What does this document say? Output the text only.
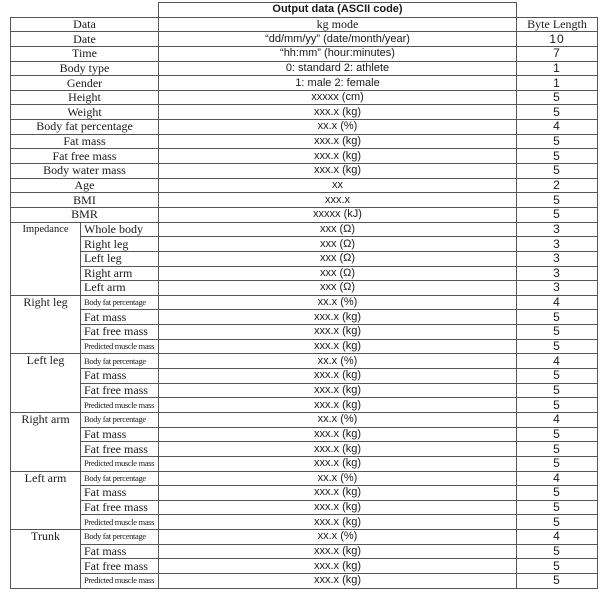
		Output data (ASCII code)	
Data		kg mode	Byte Length
Date		“dd/mm/yy” (date/month/year)	10
Time		“hh:mm” (hour:minutes)	7
Body type		0: standard 2: athlete	1
Gender		1: male 2: female	1
Height		xxxxx (cm)	5
Weight		xxx.x (kg)	5
Body fat percentage		xx.x (%)	4
Fat mass		xxx.x (kg)	5
Fat free mass		xxx.x (kg)	5
Body water mass		xxx.x (kg)	5
Age		xx	2
BMI		xxx.x	5
BMR		xxxxx (kJ)	5
Impedance	Whole body	xxx (Ω)	3
	Right leg	xxx (Ω)	3
	Left leg	xxx (Ω)	3
	Right arm	xxx (Ω)	3
	Left arm	xxx (Ω)	3
Right leg	Body fat percentage	xx.x (%)	4
	Fat mass	xxx.x (kg)	5
	Fat free mass	xxx.x (kg)	5
	Predicted muscle mass	xxx.x (kg)	5
Left leg	Body fat percentage	xx.x (%)	4
	Fat mass	xxx.x (kg)	5
	Fat free mass	xxx.x (kg)	5
	Predicted muscle mass	xxx.x (kg)	5
Right arm	Body fat percentage	xx.x (%)	4
	Fat mass	xxx.x (kg)	5
	Fat free mass	xxx.x (kg)	5
	Predicted muscle mass	xxx.x (kg)	5
Left arm	Body fat percentage	xx.x (%)	4
	Fat mass	xxx.x (kg)	5
	Fat free mass	xxx.x (kg)	5
	Predicted muscle mass	xxx.x (kg)	5
Trunk	Body fat percentage	xx.x (%)	4
	Fat mass	xxx.x (kg)	5
	Fat free mass	xxx.x (kg)	5
	Predicted muscle mass	xxx.x (kg)	5
